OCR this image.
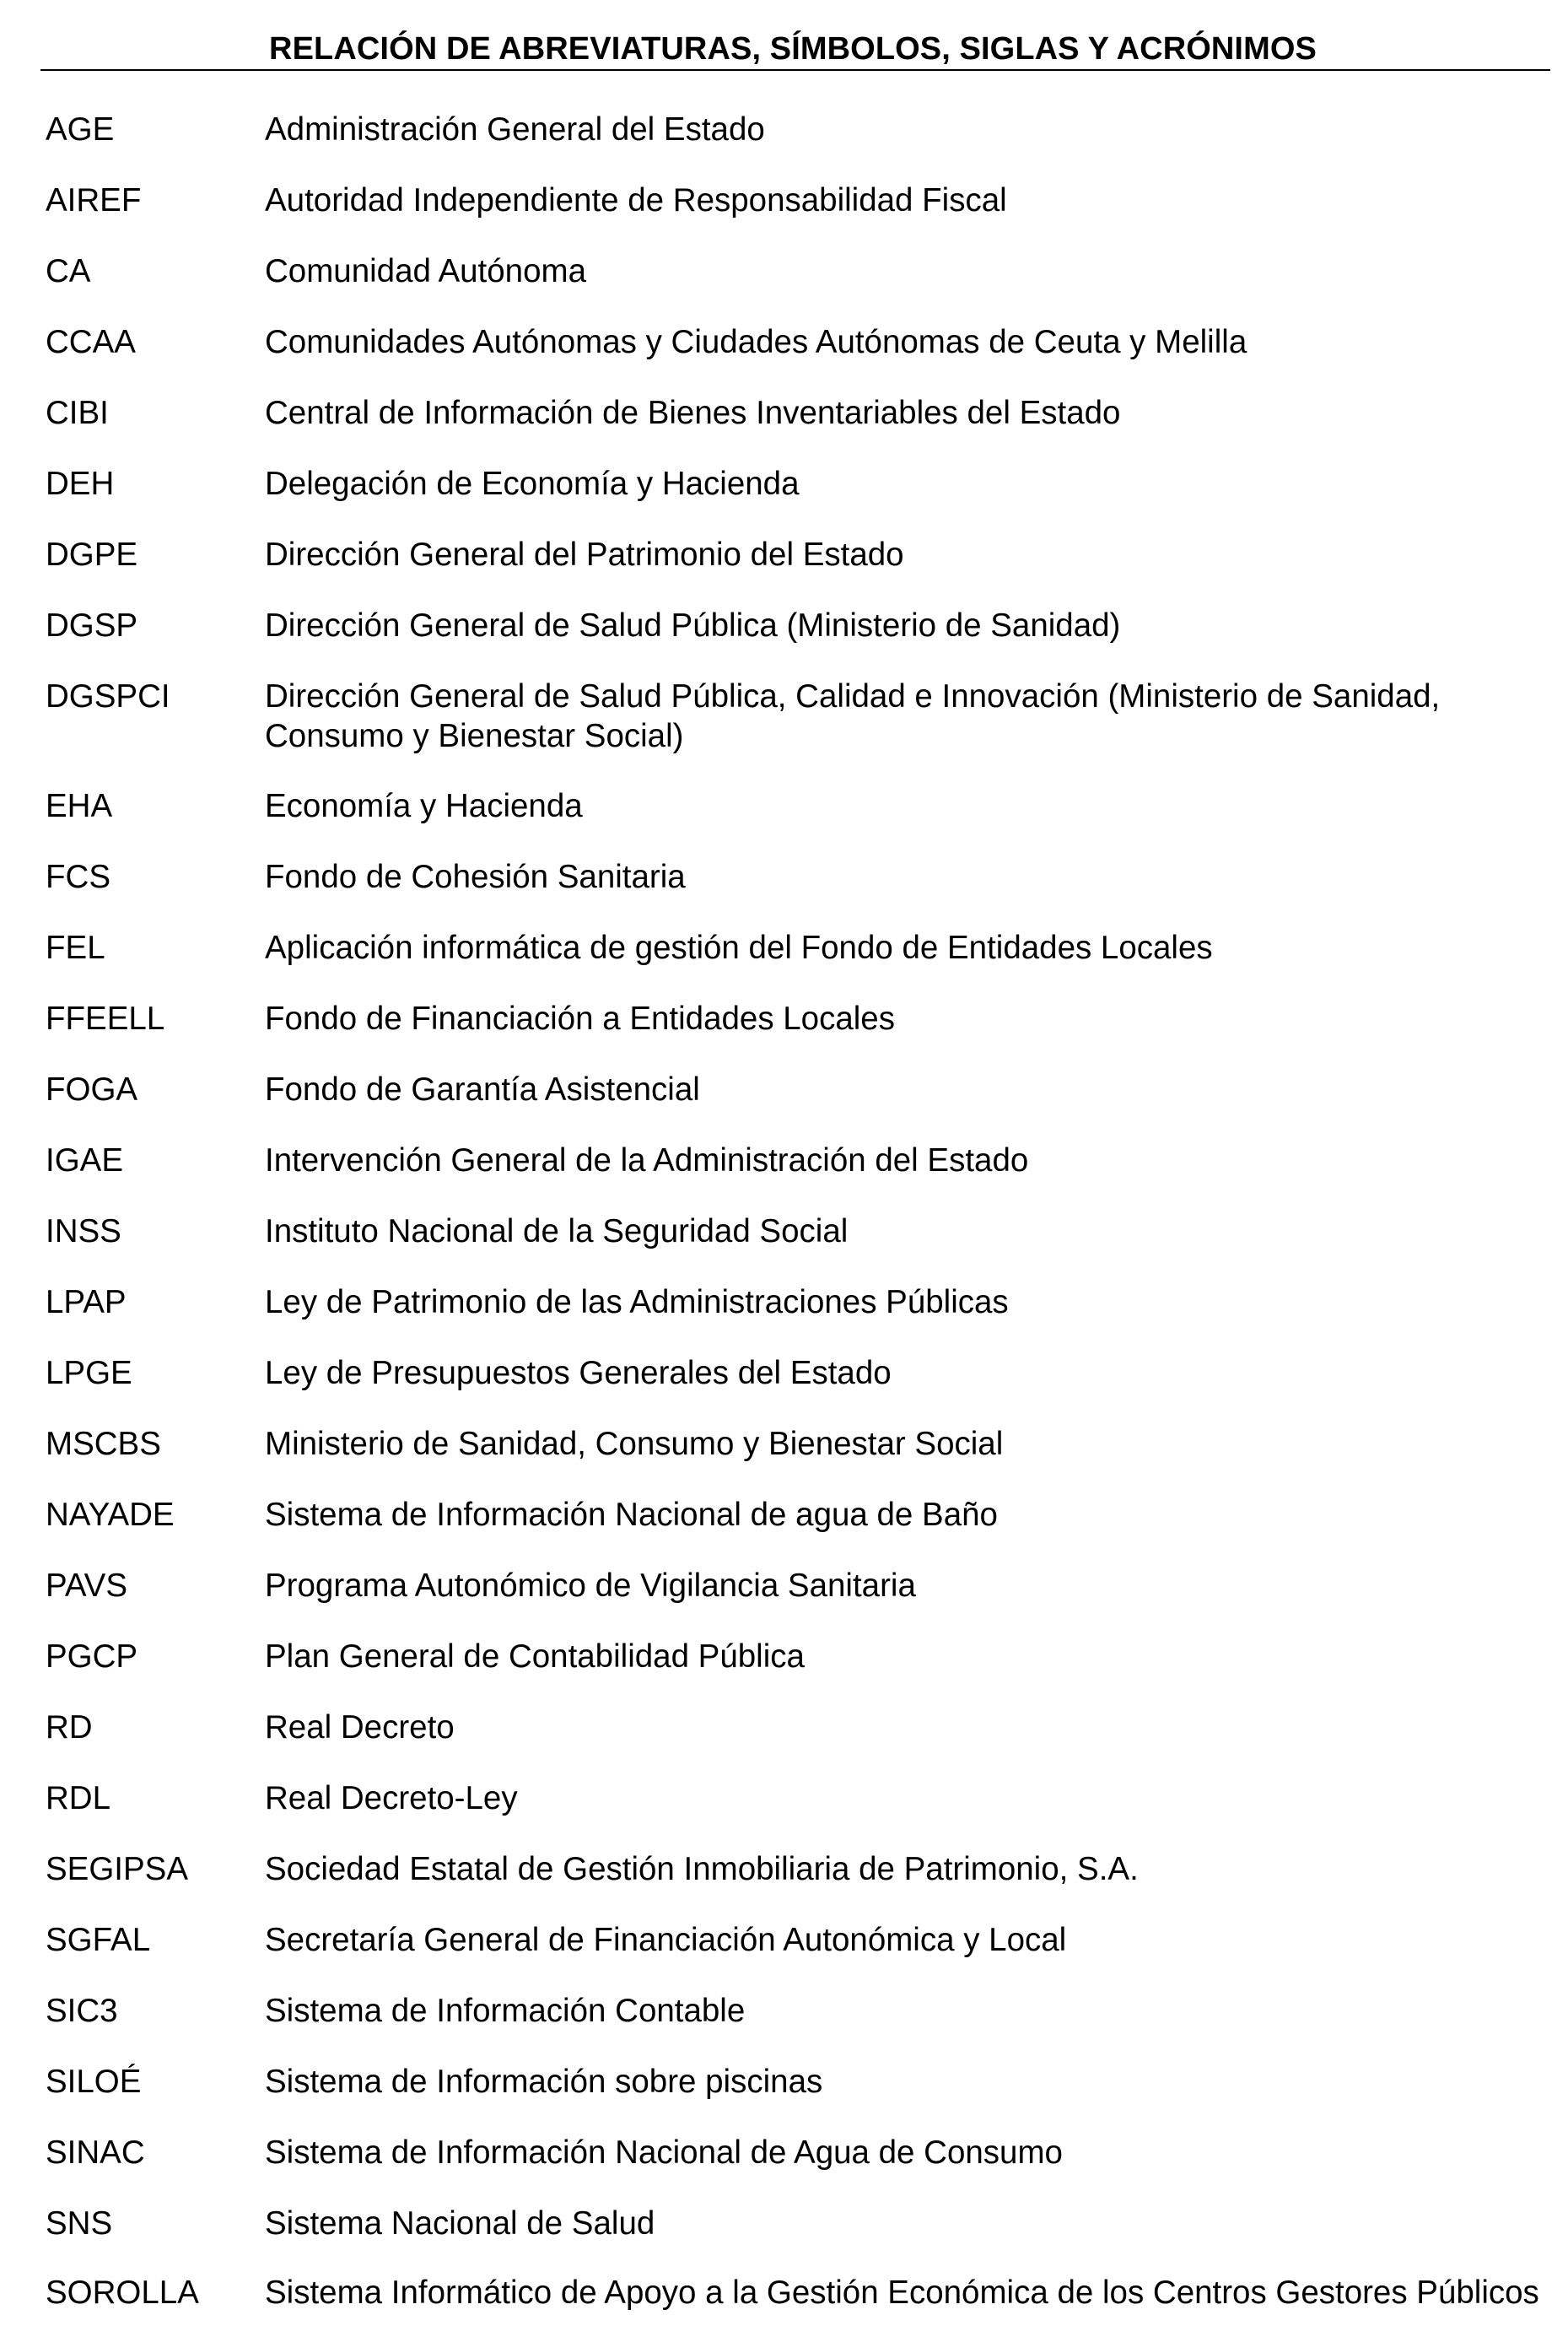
RELACIÓN DE ABREVIATURAS, SÍMBOLOS, SIGLAS Y ACRÓNIMOS
AGE	Administración General del Estado
AIREF	Autoridad Independiente de Responsabilidad Fiscal
CA	Comunidad Autónoma
CCAA	Comunidades Autónomas y Ciudades Autónomas de Ceuta y Melilla
CIBI	Central de Información de Bienes Inventariables del Estado
DEH	Delegación de Economía y Hacienda
DGPE	Dirección General del Patrimonio del Estado
DGSP	Dirección General de Salud Pública (Ministerio de Sanidad)
DGSPCI	Dirección General de Salud Pública, Calidad e Innovación (Ministerio de Sanidad, Consumo y Bienestar Social)
EHA	Economía y Hacienda
FCS	Fondo de Cohesión Sanitaria
FEL	Aplicación informática de gestión del Fondo de Entidades Locales
FFEELL	Fondo de Financiación a Entidades Locales
FOGA	Fondo de Garantía Asistencial
IGAE	Intervención General de la Administración del Estado
INSS	Instituto Nacional de la Seguridad Social
LPAP	Ley de Patrimonio de las Administraciones Públicas
LPGE	Ley de Presupuestos Generales del Estado
MSCBS	Ministerio de Sanidad, Consumo y Bienestar Social
NAYADE	Sistema de Información Nacional de agua de Baño
PAVS	Programa Autonómico de Vigilancia Sanitaria
PGCP	Plan General de Contabilidad Pública
RD	Real Decreto
RDL	Real Decreto-Ley
SEGIPSA Sociedad Estatal de Gestión Inmobiliaria de Patrimonio, S.A.
SGFAL	Secretaría General de Financiación Autonómica y Local
SIC3	Sistema de Información Contable
SILOÉ	Sistema de Información sobre piscinas
SINAC	Sistema de Información Nacional de Agua de Consumo
SNS	Sistema Nacional de Salud
SOROLLA Sistema Informático de Apoyo a la Gestión Económica de los Centros Gestores Públicos
